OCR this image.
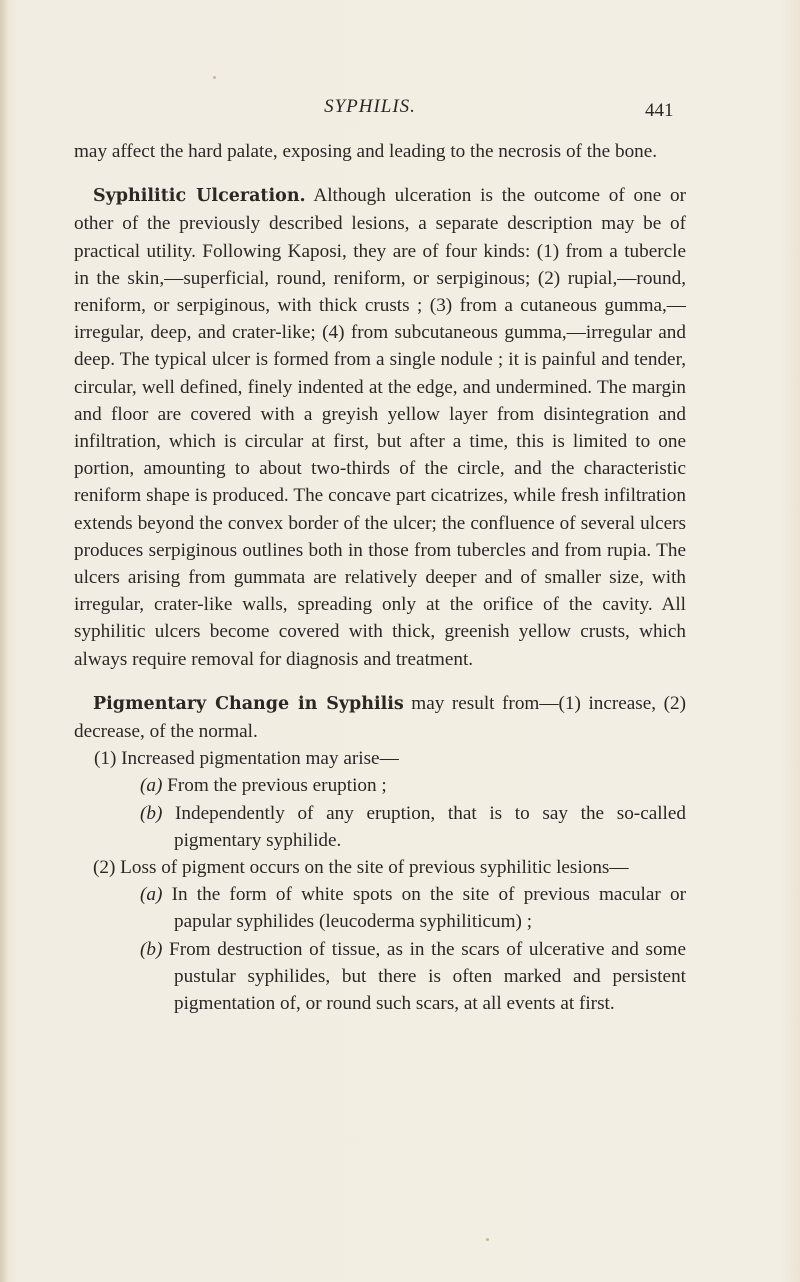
SYPHILIS.	441

may affect the hard palate, exposing and leading to the necrosis of the bone.

Syphilitic Ulceration. Although ulceration is the outcome of one or other of the previously described lesions, a separate description may be of practical utility. Following Kaposi, they are of four kinds: (1) from a tubercle in the skin,—superficial, round, reniform, or serpiginous; (2) rupial,—round, reniform, or serpiginous, with thick crusts ; (3) from a cutaneous gumma,—irregular, deep, and crater-like; (4) from subcutaneous gumma,—irregular and deep. The typical ulcer is formed from a single nodule ; it is painful and tender, circular, well defined, finely indented at the edge, and undermined. The margin and floor are covered with a greyish yellow layer from disintegration and infiltration, which is circular at first, but after a time, this is limited to one portion, amounting to about two-thirds of the circle, and the characteristic reniform shape is produced. The concave part cicatrizes, while fresh infiltration extends beyond the convex border of the ulcer; the confluence of several ulcers produces serpiginous outlines both in those from tubercles and from rupia. The ulcers arising from gummata are relatively deeper and of smaller size, with irregular, crater-like walls, spreading only at the orifice of the cavity. All syphilitic ulcers become covered with thick, greenish yellow crusts, which always require removal for diagnosis and treatment.

Pigmentary Change in Syphilis may result from—(1) increase, (2) decrease, of the normal.

(1) Increased pigmentation may arise—

(a) From the previous eruption ;

(b) Independently of any eruption, that is to say the so-called pigmentary syphilide.

(2) Loss of pigment occurs on the site of previous syphilitic lesions—

(a) In the form of white spots on the site of previous macular or papular syphilides (leucoderma syphiliticum) ;

(b) From destruction of tissue, as in the scars of ulcerative and some pustular syphilides, but there is often marked and persistent pigmentation of, or round such scars, at all events at first.
